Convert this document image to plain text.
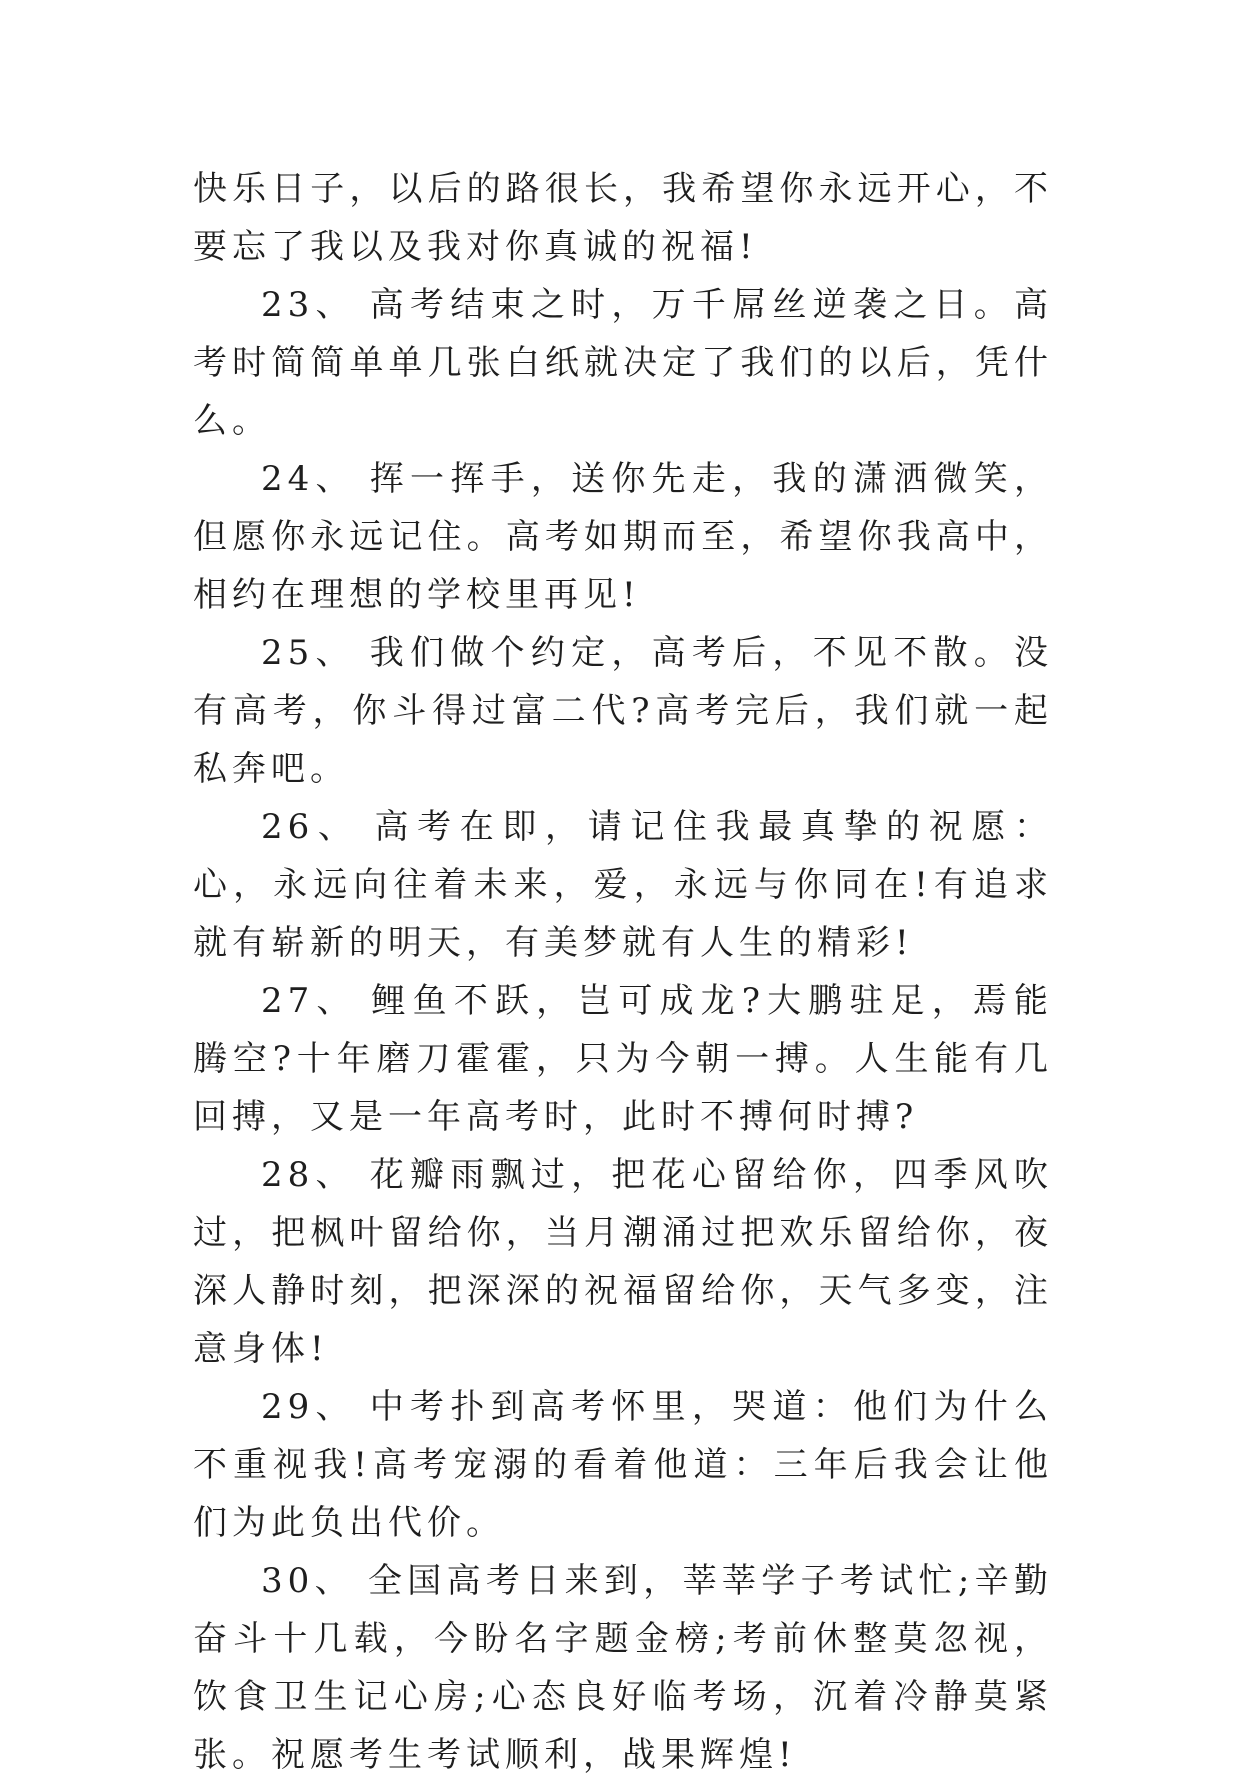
快乐日子，以后的路很长，我希望你永远开心，不要忘了我以及我对你真诚的祝福!

23、 高考结束之时，万千屌丝逆袭之日。高考时简简单单几张白纸就决定了我们的以后，凭什么。

24、 挥一挥手，送你先走，我的潇洒微笑，但愿你永远记住。高考如期而至，希望你我高中，相约在理想的学校里再见!

25、 我们做个约定，高考后，不见不散。没有高考，你斗得过富二代?高考完后，我们就一起私奔吧。

26、 高考在即，请记住我最真挚的祝愿：心，永远向往着未来，爱，永远与你同在!有追求就有崭新的明天，有美梦就有人生的精彩!

27、 鲤鱼不跃，岂可成龙?大鹏驻足，焉能腾空?十年磨刀霍霍，只为今朝一搏。人生能有几回搏，又是一年高考时，此时不搏何时搏?

28、 花瓣雨飘过，把花心留给你，四季风吹过，把枫叶留给你，当月潮涌过把欢乐留给你，夜深人静时刻，把深深的祝福留给你，天气多变，注意身体!

29、 中考扑到高考怀里，哭道：他们为什么不重视我!高考宠溺的看着他道：三年后我会让他们为此负出代价。

30、 全国高考日来到，莘莘学子考试忙;辛勤奋斗十几载，今盼名字题金榜;考前休整莫忽视，饮食卫生记心房;心态良好临考场，沉着冷静莫紧张。祝愿考生考试顺利，战果辉煌!
